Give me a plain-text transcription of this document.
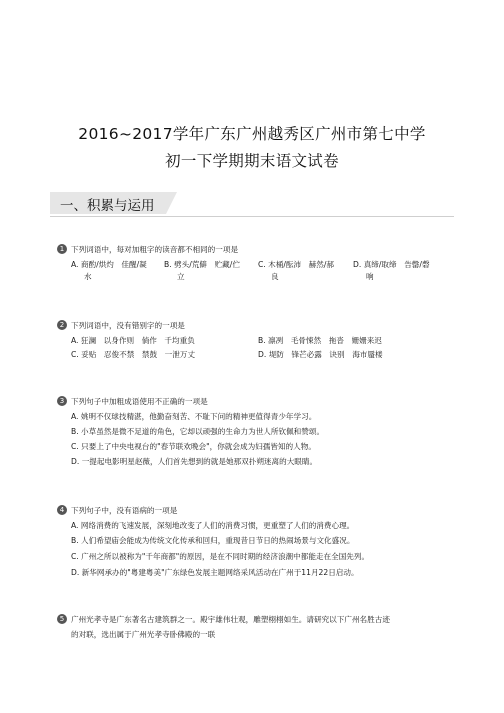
2016~2017学年广东广州越秀区广州市第七中学
初一下学期期末语文试卷
一、积累与运用
1 下列词语中，每对加粗字的读音都不相同的一项是
A. 商酌/烘灼　佳醒/凝
水
B. 劈头/荒僻　贮藏/伫
立
C. 木桶/酝沛　赫然/郝
良
D. 真缔/取缔　告罄/磬
响
2 下列词语中，没有错别字的一项是
A. 狂澜　以身作则　倘作　千均重负	B. 凛冽　毛骨悚然　拖沓　姗姗来迟
C. 妥贴　忍俊不禁　禁鼓　一泄万丈	D. 堤防　锋芒必露　诀别　海市蜃楼
3 下列句子中加粗成语使用不正确的一项是
A. 姚明不仅球技精湛，他勤奋刻苦、不耻下问的精神更值得青少年学习。
B. 小草虽然是微不足道的角色，它却以顽强的生命力为世人所钦佩和赞颂。
C. 只要上了中央电视台的"春节联欢晚会"，你就会成为妇孺皆知的人物。
D. 一提起电影明星赵薇，人们首先想到的就是她那双扑朔迷离的大眼睛。
4 下列句子中，没有语病的一项是
A. 网络消费的飞速发展，深刻地改变了人们的消费习惯，更重塑了人们的消费心理。
B. 人们希望庙会能成为传统文化传承和回归，重现昔日节日的热闹场景与文化盛况。
C. 广州之所以被称为"千年商都"的原因，是在不同时期的经济浪潮中都能走在全国先列。
D. 新华网承办的"粤建粤美"广东绿色发展主题网络采风活动在广州于11月22日启动。
5 广州光孝寺是广东著名古建筑群之一。殿宇雄伟壮观，雕塑栩栩如生。请研究以下广州名胜古迹
的对联，选出属于广州光孝寺卧佛殿的一联
